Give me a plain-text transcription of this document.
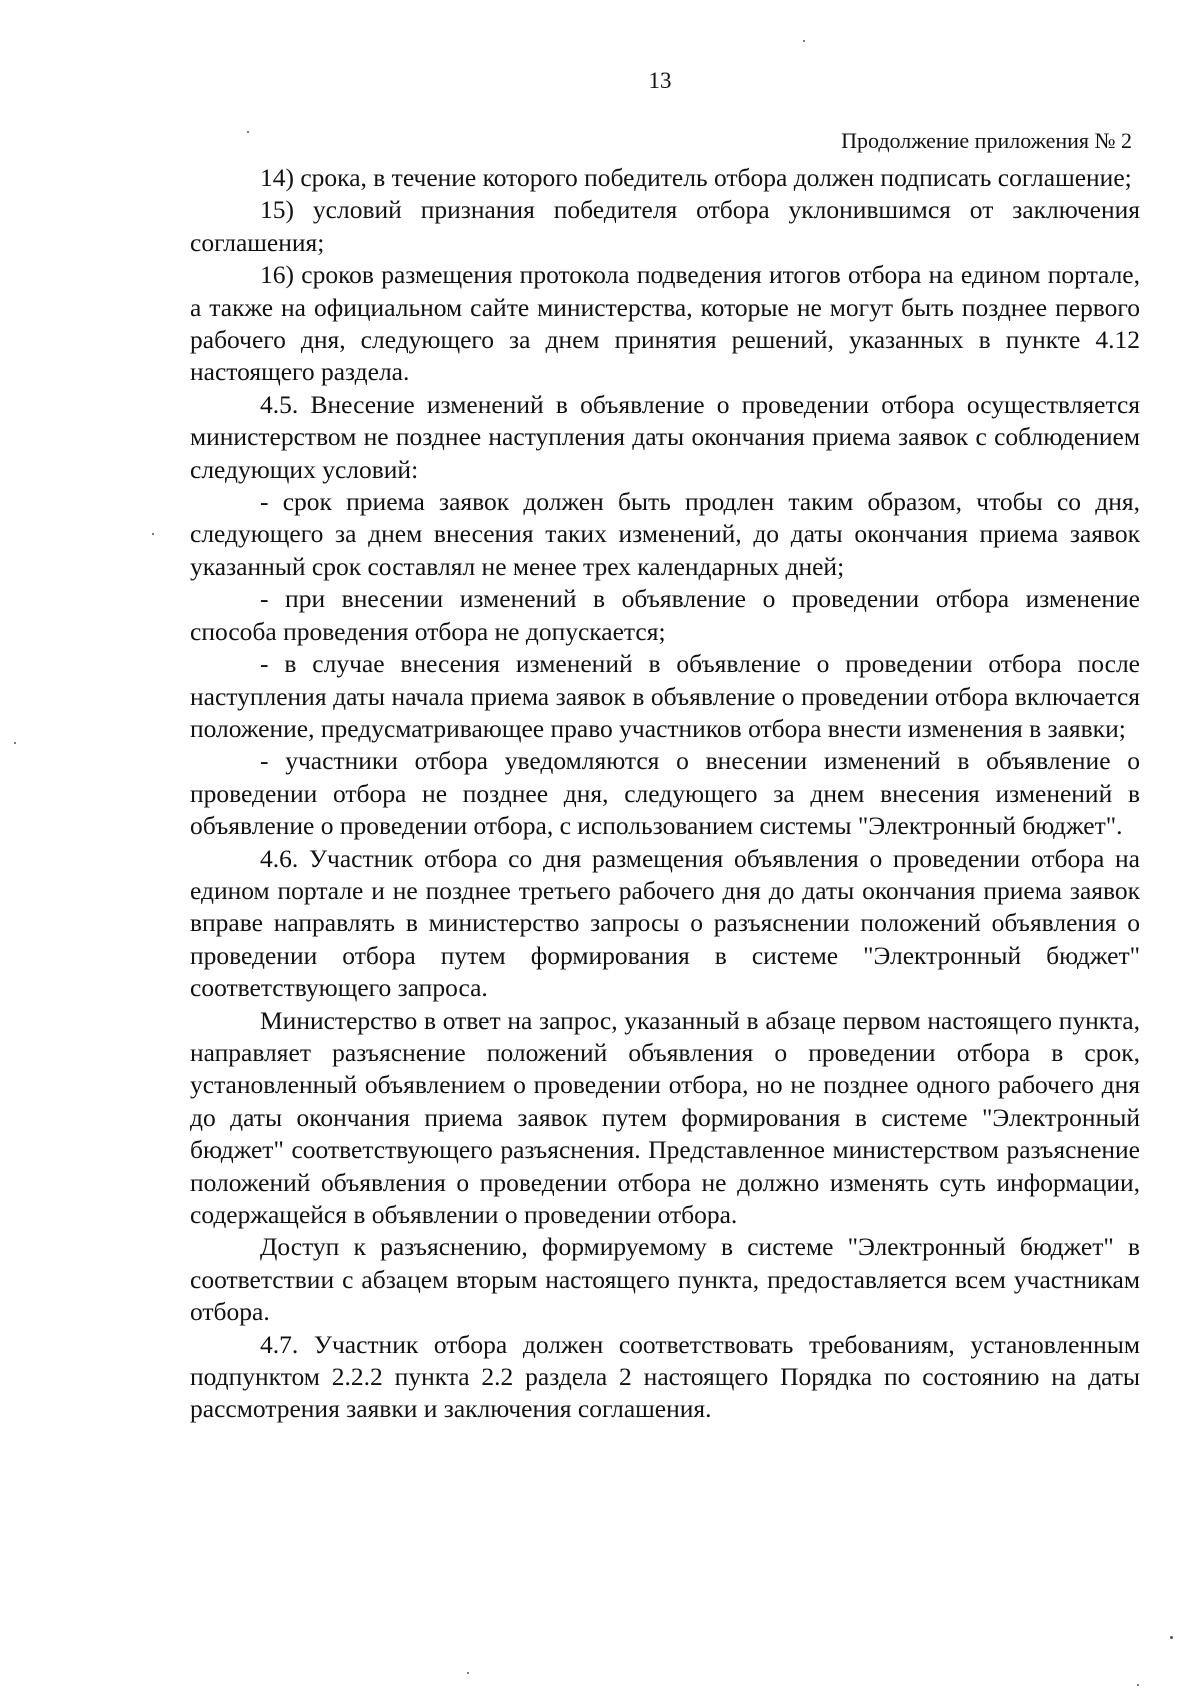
13
Продолжение приложения № 2

14) срока, в течение которого победитель отбора должен подписать соглашение;

15) условий признания победителя отбора уклонившимся от заключения соглашения;

16) сроков размещения протокола подведения итогов отбора на едином портале, а также на официальном сайте министерства, которые не могут быть позднее первого рабочего дня, следующего за днем принятия решений, указанных в пункте 4.12 настоящего раздела.

4.5. Внесение изменений в объявление о проведении отбора осуществляется министерством не позднее наступления даты окончания приема заявок с соблюдением следующих условий:

- срок приема заявок должен быть продлен таким образом, чтобы со дня, следующего за днем внесения таких изменений, до даты окончания приема заявок указанный срок составлял не менее трех календарных дней;

- при внесении изменений в объявление о проведении отбора изменение способа проведения отбора не допускается;

- в случае внесения изменений в объявление о проведении отбора после наступления даты начала приема заявок в объявление о проведении отбора включается положение, предусматривающее право участников отбора внести изменения в заявки;

- участники отбора уведомляются о внесении изменений в объявление о проведении отбора не позднее дня, следующего за днем внесения изменений в объявление о проведении отбора, с использованием системы "Электронный бюджет".

4.6. Участник отбора со дня размещения объявления о проведении отбора на едином портале и не позднее третьего рабочего дня до даты окончания приема заявок вправе направлять в министерство запросы о разъяснении положений объявления о проведении отбора путем формирования в системе "Электронный бюджет" соответствующего запроса.

Министерство в ответ на запрос, указанный в абзаце первом настоящего пункта, направляет разъяснение положений объявления о проведении отбора в срок, установленный объявлением о проведении отбора, но не позднее одного рабочего дня до даты окончания приема заявок путем формирования в системе "Электронный бюджет" соответствующего разъяснения. Представленное министерством разъяснение положений объявления о проведении отбора не должно изменять суть информации, содержащейся в объявлении о проведении отбора.

Доступ к разъяснению, формируемому в системе "Электронный бюджет" в соответствии с абзацем вторым настоящего пункта, предоставляется всем участникам отбора.

4.7. Участник отбора должен соответствовать требованиям, установленным подпунктом 2.2.2 пункта 2.2 раздела 2 настоящего Порядка по состоянию на даты рассмотрения заявки и заключения соглашения.
